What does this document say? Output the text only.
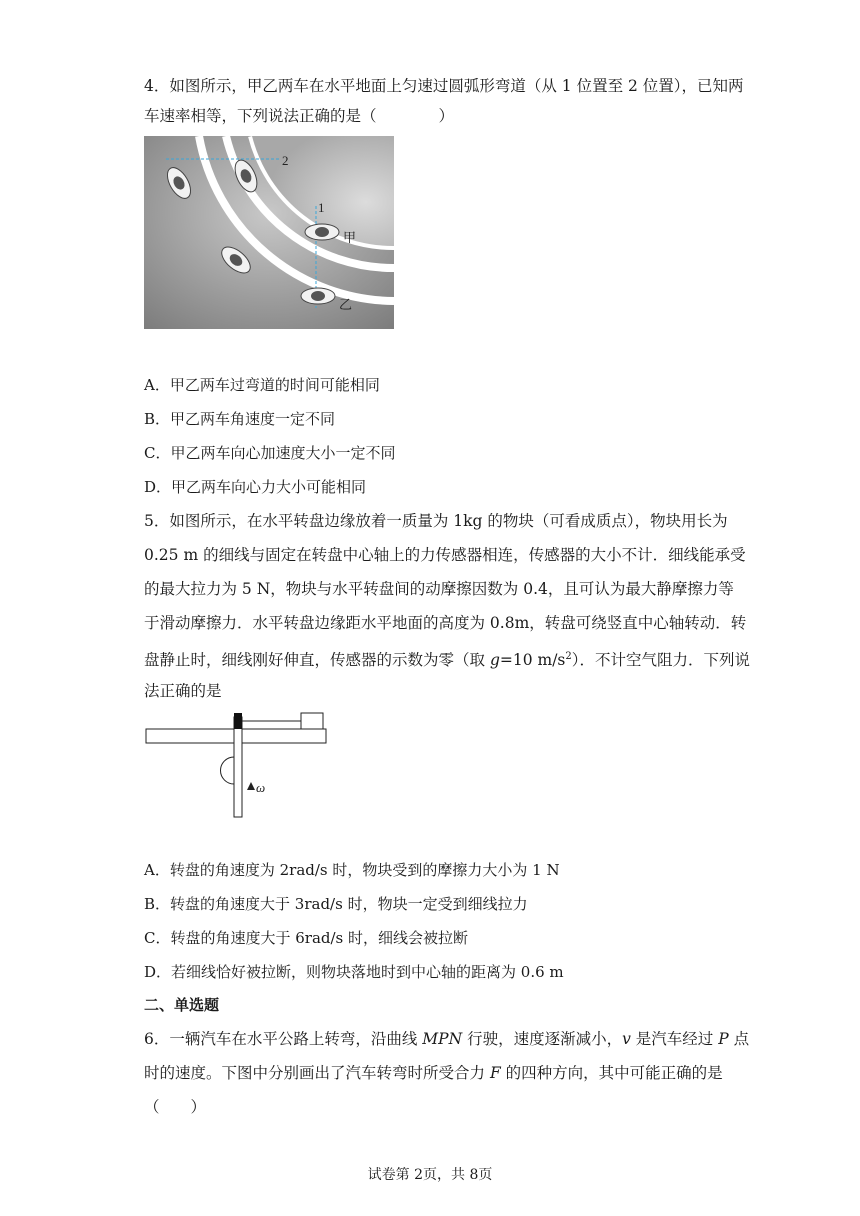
4．如图所示，甲乙两车在水平地面上匀速过圆弧形弯道（从 1 位置至 2 位置），已知两
车速率相等，下列说法正确的是（　　　　）
2
1
甲
乙
A．甲乙两车过弯道的时间可能相同
B．甲乙两车角速度一定不同
C．甲乙两车向心加速度大小一定不同
D．甲乙两车向心力大小可能相同
5．如图所示，在水平转盘边缘放着一质量为 1kg 的物块（可看成质点），物块用长为
0.25 m 的细线与固定在转盘中心轴上的力传感器相连，传感器的大小不计．细线能承受
的最大拉力为 5 N，物块与水平转盘间的动摩擦因数为 0.4，且可认为最大静摩擦力等
于滑动摩擦力．水平转盘边缘距水平地面的高度为 0.8m，转盘可绕竖直中心轴转动．转
盘静止时，细线刚好伸直，传感器的示数为零（取 g=10 $m/s^2$）．不计空气阻力．下列说
法正确的是
ω
A．转盘的角速度为 2rad/s 时，物块受到的摩擦力大小为 1 N
B．转盘的角速度大于 3rad/s 时，物块一定受到细线拉力
C．转盘的角速度大于 6rad/s 时，细线会被拉断
D．若细线恰好被拉断，则物块落地时到中心轴的距离为 0.6 m
二、单选题
6．一辆汽车在水平公路上转弯，沿曲线 MPN 行驶，速度逐渐减小，v 是汽车经过 P 点
时的速度。下图中分别画出了汽车转弯时所受合力 F 的四种方向，其中可能正确的是
（　　）
试卷第 2页，共 8页
